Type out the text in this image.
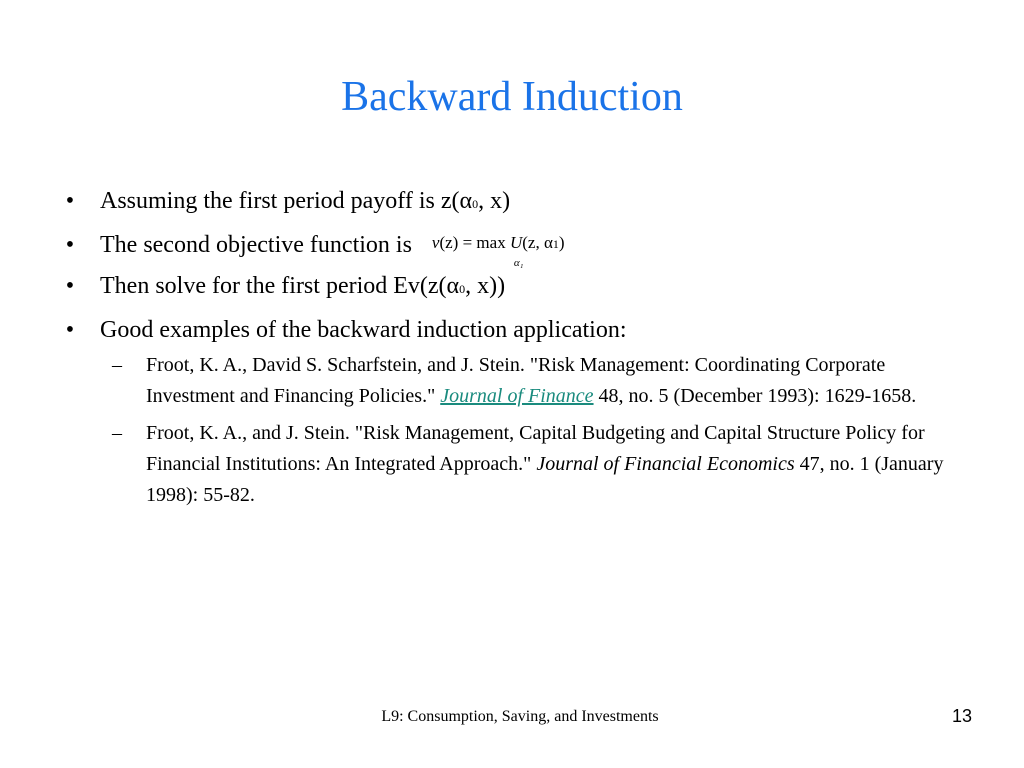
Backward Induction
• Assuming the first period payoff is z(α0, x)
• The second objective function is v(z) = max U(z, α1)
α₁
• Then solve for the first period Ev(z(α0, x))
• Good examples of the backward induction application:
– Froot, K. A., David S. Scharfstein, and J. Stein. "Risk Management: Coordinating Corporate Investment and Financing Policies." Journal of Finance 48, no. 5 (December 1993): 1629-1658.
– Froot, K. A., and J. Stein. "Risk Management, Capital Budgeting and Capital Structure Policy for Financial Institutions: An Integrated Approach." Journal of Financial Economics 47, no. 1 (January 1998): 55-82.
L9: Consumption, Saving, and Investments	13
